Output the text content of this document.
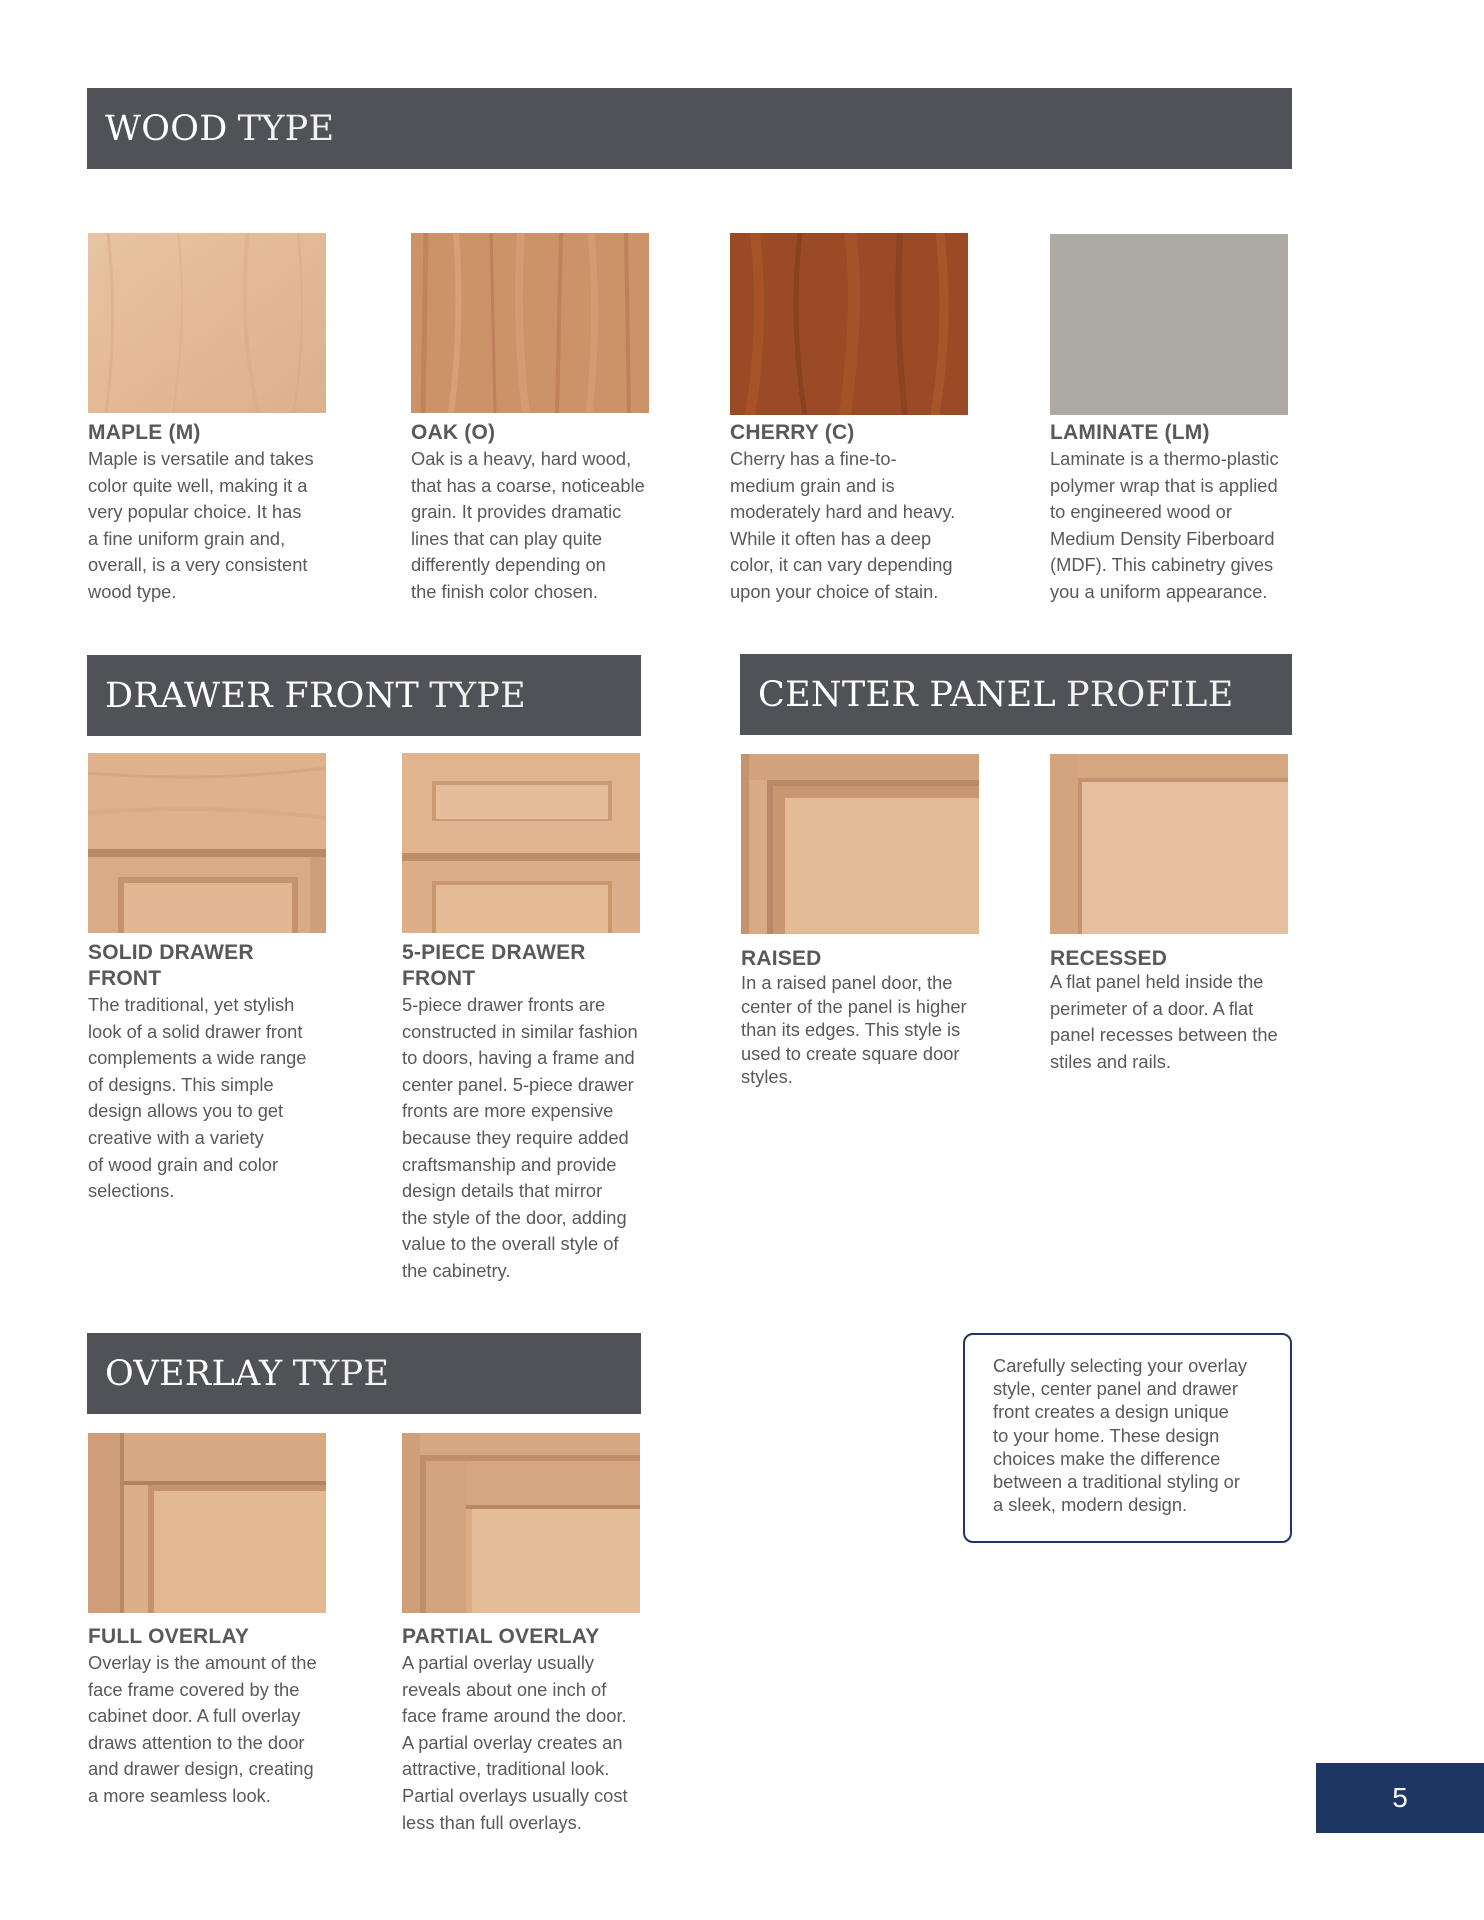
WOOD TYPE
MAPLE (M)	OAK (O)	CHERRY (C)	LAMINATE (LM)
Maple is versatile and takes
color quite well, making it a
very popular choice. It has
a fine uniform grain and,
overall, is a very consistent
wood type.
Oak is a heavy, hard wood,
that has a coarse, noticeable
grain. It provides dramatic
lines that can play quite
differently depending on
the finish color chosen.
Cherry has a fine-to-
medium grain and is
moderately hard and heavy.
While it often has a deep
color, it can vary depending
upon your choice of stain.
Laminate is a thermo-plastic
polymer wrap that is applied
to engineered wood or
Medium Density Fiberboard
(MDF). This cabinetry gives
you a uniform appearance.
DRAWER FRONT TYPE
SOLID DRAWER
FRONT
5-PIECE DRAWER
FRONT
The traditional, yet stylish
look of a solid drawer front
complements a wide range
of designs. This simple
design allows you to get
creative with a variety
of wood grain and color
selections.
5-piece drawer fronts are
constructed in similar fashion
to doors, having a frame and
center panel. 5-piece drawer
fronts are more expensive
because they require added
craftsmanship and provide
design details that mirror
the style of the door, adding
value to the overall style of
the cabinetry.
CENTER PANEL PROFILE
RAISED	RECESSED
In a raised panel door, the
center of the panel is higher
than its edges. This style is
used to create square door
styles.
A flat panel held inside the
perimeter of a door. A flat
panel recesses between the
stiles and rails.
OVERLAY TYPE
FULL OVERLAY	PARTIAL OVERLAY
Overlay is the amount of the
face frame covered by the
cabinet door. A full overlay
draws attention to the door
and drawer design, creating
a more seamless look.
A partial overlay usually
reveals about one inch of
face frame around the door.
A partial overlay creates an
attractive, traditional look.
Partial overlays usually cost
less than full overlays.
Carefully selecting your overlay
style, center panel and drawer
front creates a design unique
to your home. These design
choices make the difference
between a traditional styling or
a sleek, modern design.
5
